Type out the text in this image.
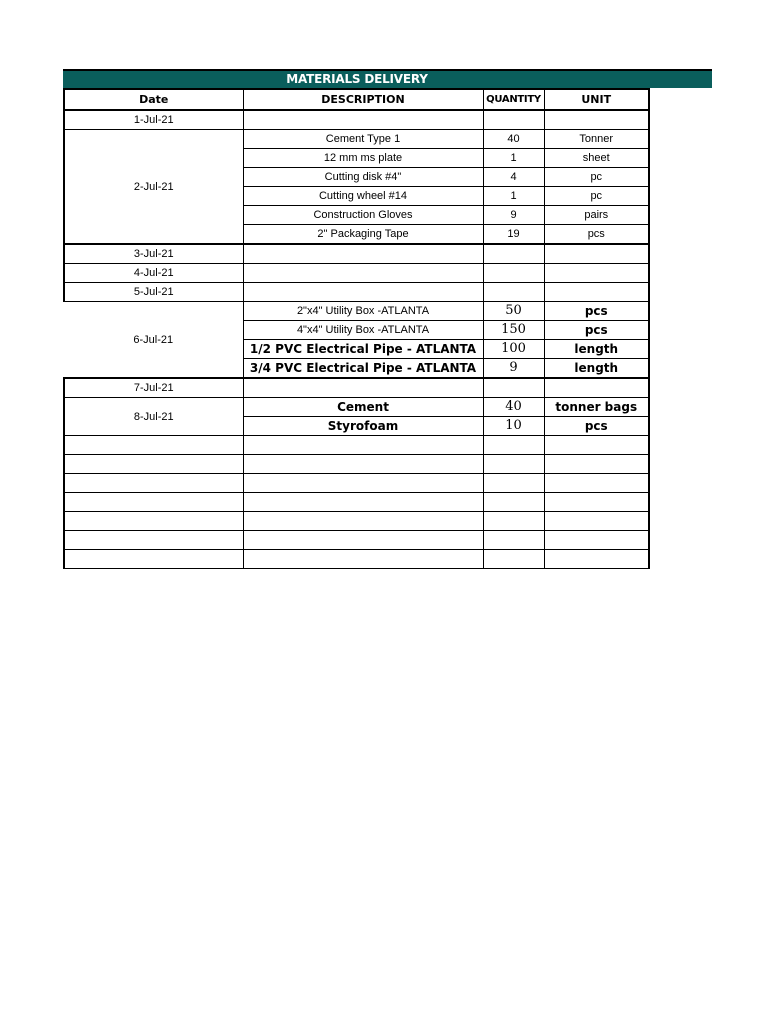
MATERIALS DELIVERY
Date	DESCRIPTION	QUANTITY	UNIT
1-Jul-21			
2-Jul-21	Cement Type 1	40	Tonner
	12 mm ms plate	1	sheet
	Cutting disk #4"	4	pc
	Cutting wheel #14	1	pc
	Construction Gloves	9	pairs
	2" Packaging Tape	19	pcs
3-Jul-21			
4-Jul-21			
5-Jul-21			
6-Jul-21	2"x4" Utility Box -ATLANTA	50	pcs
	4"x4" Utility Box -ATLANTA	150	pcs
	1/2 PVC Electrical Pipe - ATLANTA	100	length
	3/4 PVC Electrical Pipe - ATLANTA	9	length
7-Jul-21			
8-Jul-21	Cement	40	tonner bags
	Styrofoam	10	pcs
